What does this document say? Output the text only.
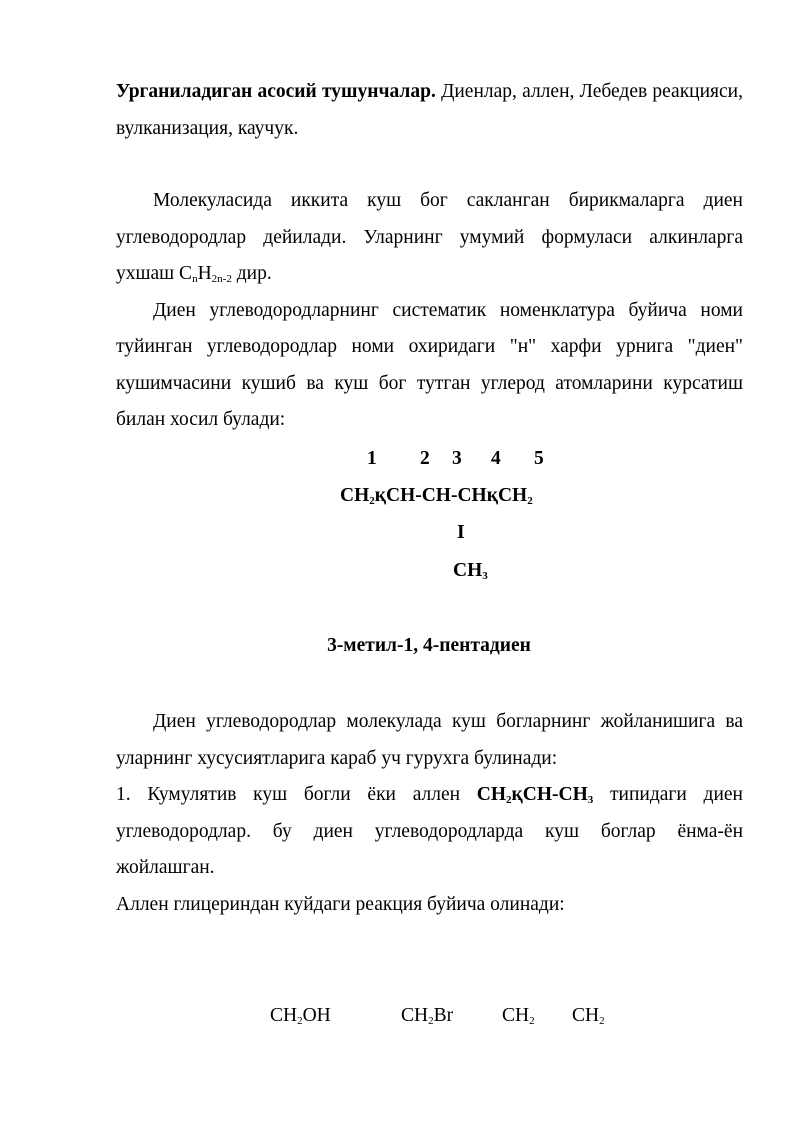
Урганиладиган асосий тушунчалар. Диенлар, аллен, Лебедев реакцияси, вулканизация, каучук.

Молекуласида иккита куш бог сакланган бирикмаларга диен углеводородлар дейилади. Уларнинг умумий формуласи алкинларга ухшаш $C_nH_{2n-2}$ дир.

Диен углеводородларнинг систематик номенклатура буйича номи туйинган углеводородлар номи охиридаги "н" харфи урнига "диен" кушимчасини кушиб ва куш бог тутган углерод атомларини курсатиш билан хосил булади:

1 2 3 4 5
$CH_2қCH-CH-CHқCH_2$
I
$CH_3$
3-метил-1, 4-пентадиен

Диен углеводородлар молекулада куш богларнинг жойланишига ва уларнинг хусусиятларига караб уч гурухга булинади:

1. Кумулятив куш богли ёки аллен $CH_2қCH-CH_3$ типидаги диен углеводородлар. бу диен углеводородларда куш боглар ёнма-ён жойлашган.

Аллен глицериндан куйдаги реакция буйича олинади:

$CH_2OH$	$CH_2Br$	$CH_2$ $CH_2$
